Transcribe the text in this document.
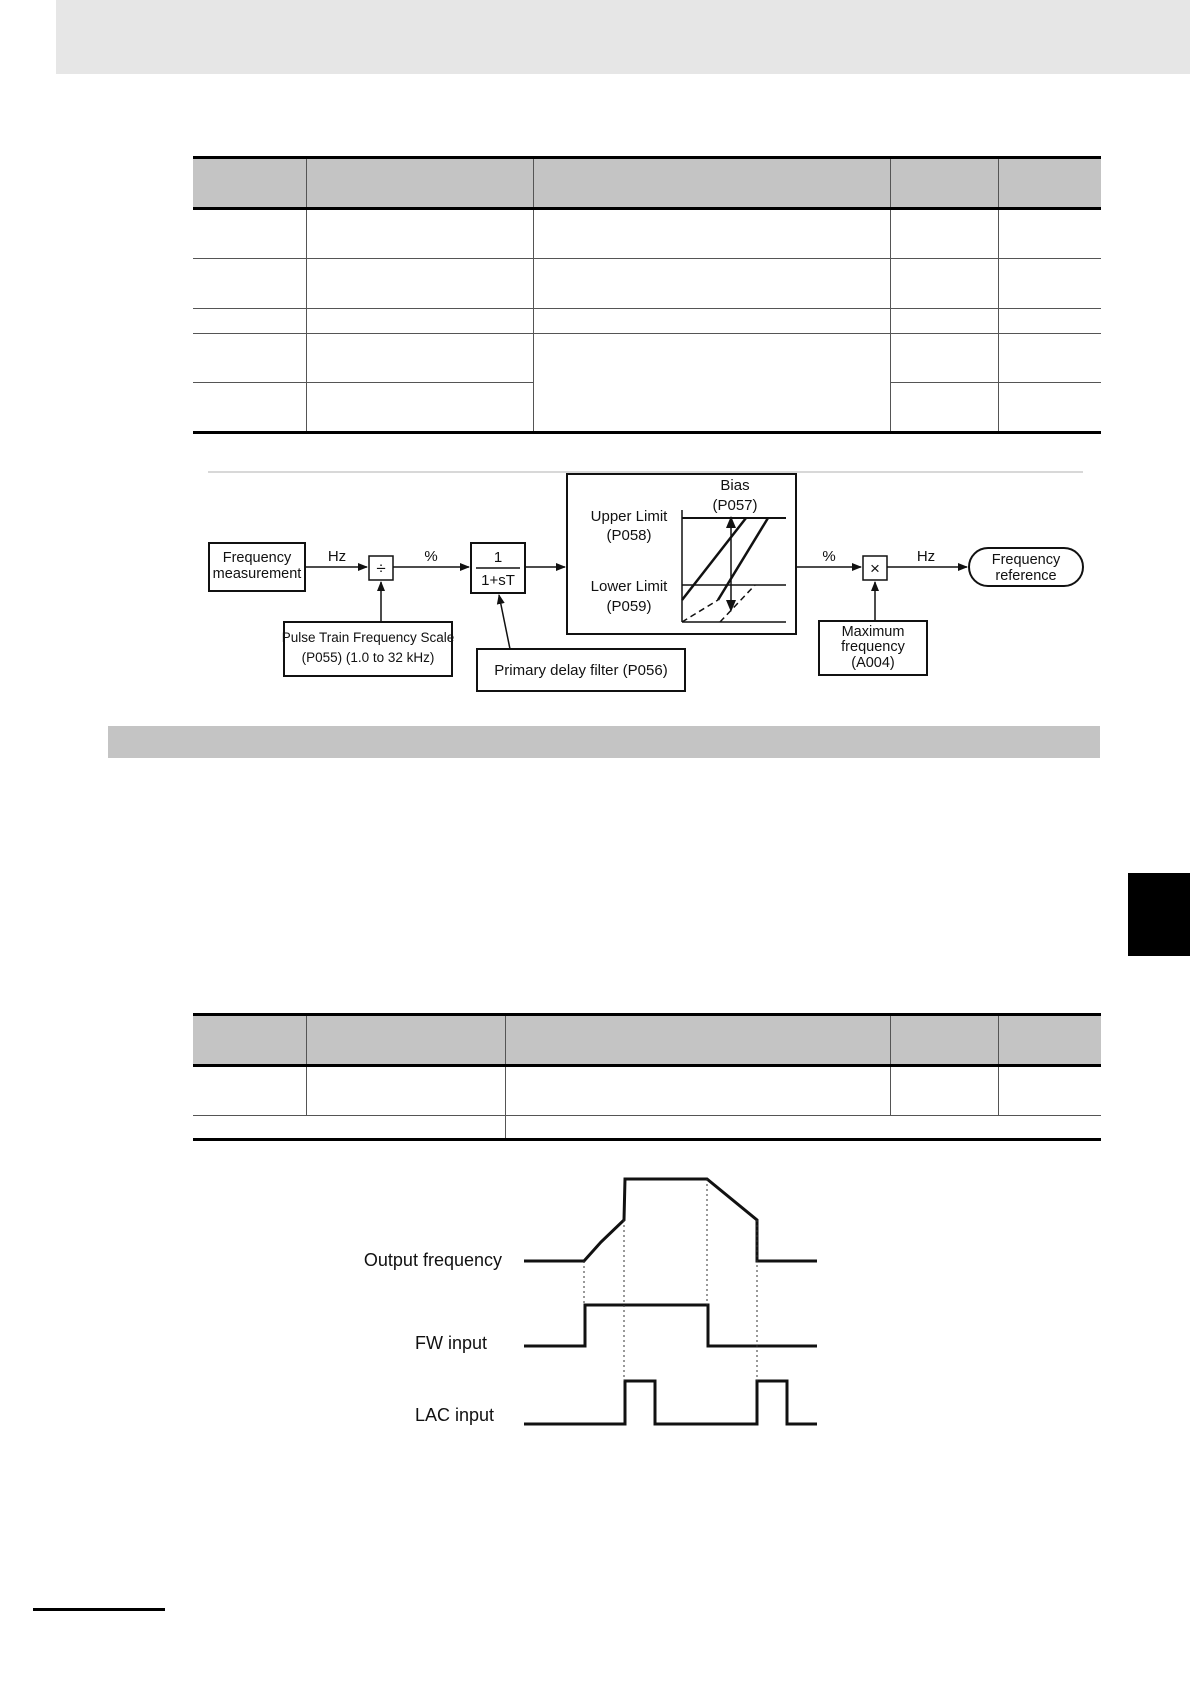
Frequency
measurement
Hz
÷
%	1
1+sT
Bias
(P057)
Upper Limit
(P058)
Lower Limit
(P059)
%
×
Hz	Frequency
reference
Pulse Train Frequency Scale
(P055) (1.0 to 32 kHz)
Primary delay filter (P056)
Maximum
frequency
(A004)

Output frequency
FW input
LAC input
